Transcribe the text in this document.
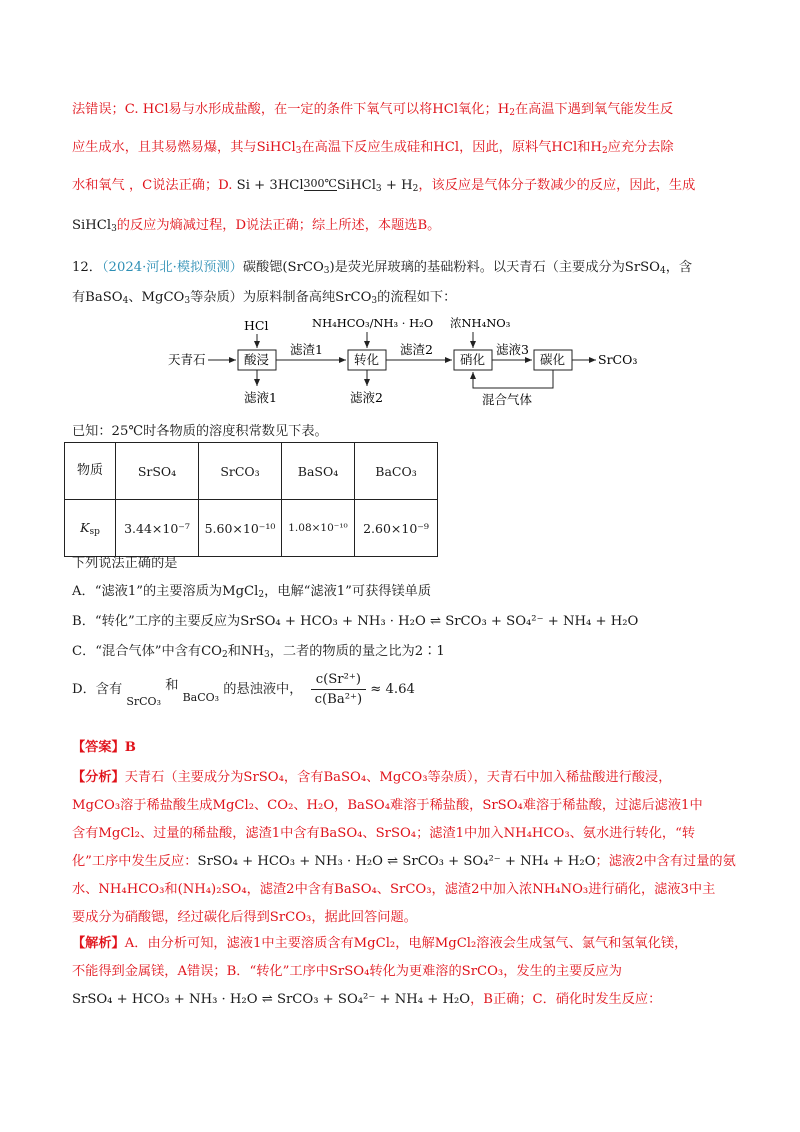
法错误；C. HCl易与水形成盐酸，在一定的条件下氧气可以将HCl氧化；$H_2$在高温下遇到氧气能发生反
应生成水，且其易燃易爆，其与SiHCl$_3$在高温下反应生成硅和HCl，因此，原料气HCl和$H_2$应充分去除
水和氧气 ，C说法正确；D. Si + 3HCl 300℃ SiHCl$_3$ + $H_2$，该反应是气体分子数减少的反应，因此，生成
SiHCl$_3$的反应为熵减过程，D说法正确；综上所述，本题选B。
12．（2024·河北·模拟预测）碳酸锶(SrCO$_3$)是荧光屏玻璃的基础粉料。以天青石（主要成分为SrSO$_4$，含
有BaSO$_4$、MgCO$_3$等杂质）为原料制备高纯SrCO$_3$的流程如下：
天青石	酸浸
HCl
滤液1
滤渣1
转化
NH₄HCO₃/NH₃ · H₂O
滤液2
滤渣2
硝化
浓NH₄NO₃
滤液3
碳化	SrCO₃
混合气体
已知：25℃时各物质的溶度积常数见下表。
物质	SrSO₄	SrCO₃	BaSO₄	BaCO₃
$K_{sp}$	3.44×10⁻⁷	5.60×10⁻¹⁰	1.08×10⁻¹⁰	2.60×10⁻⁹
下列说法正确的是
A．“滤液1”的主要溶质为MgCl$_2$，电解“滤液1”可获得镁单质
B．“转化”工序的主要反应为SrSO₄ + HCO₃ + NH₃ · H₂O ⇌ SrCO₃ + SO₄²⁻ + NH₄ + H₂O
C．“混合气体”中含有$CO_2$和$NH_3$，二者的物质的量之比为2∶1
D．含有 SrCO₃ 和 BaCO₃ 的悬浊液中， $\frac{\text{c(Sr²⁺)}}{\text{c(Ba²⁺)}} \approx 4.64$
【答案】B
【分析】天青石（主要成分为SrSO₄，含有BaSO₄、MgCO₃等杂质），天青石中加入稀盐酸进行酸浸，
MgCO₃溶于稀盐酸生成MgCl₂、CO₂、H₂O，BaSO₄难溶于稀盐酸，SrSO₄难溶于稀盐酸，过滤后滤液1中
含有MgCl₂、过量的稀盐酸，滤渣1中含有BaSO₄、SrSO₄；滤渣1中加入NH₄HCO₃、氨水进行转化，“转
化”工序中发生反应：SrSO₄ + HCO₃ + NH₃ · H₂O ⇌ SrCO₃ + SO₄²⁻ + NH₄ + H₂O；滤液2中含有过量的氨
水、NH₄HCO₃和(NH₄)₂SO₄，滤渣2中含有BaSO₄、SrCO₃，滤渣2中加入浓NH₄NO₃进行硝化，滤液3中主
要成分为硝酸锶，经过碳化后得到SrCO₃，据此回答问题。
【解析】A．由分析可知，滤液1中主要溶质含有MgCl₂，电解MgCl₂溶液会生成氢气、氯气和氢氧化镁，
不能得到金属镁，A错误；B．“转化”工序中SrSO₄转化为更难溶的SrCO₃，发生的主要反应为
SrSO₄ + HCO₃ + NH₃ · H₂O ⇌ SrCO₃ + SO₄²⁻ + NH₄ + H₂O，B正确；C．硝化时发生反应：
